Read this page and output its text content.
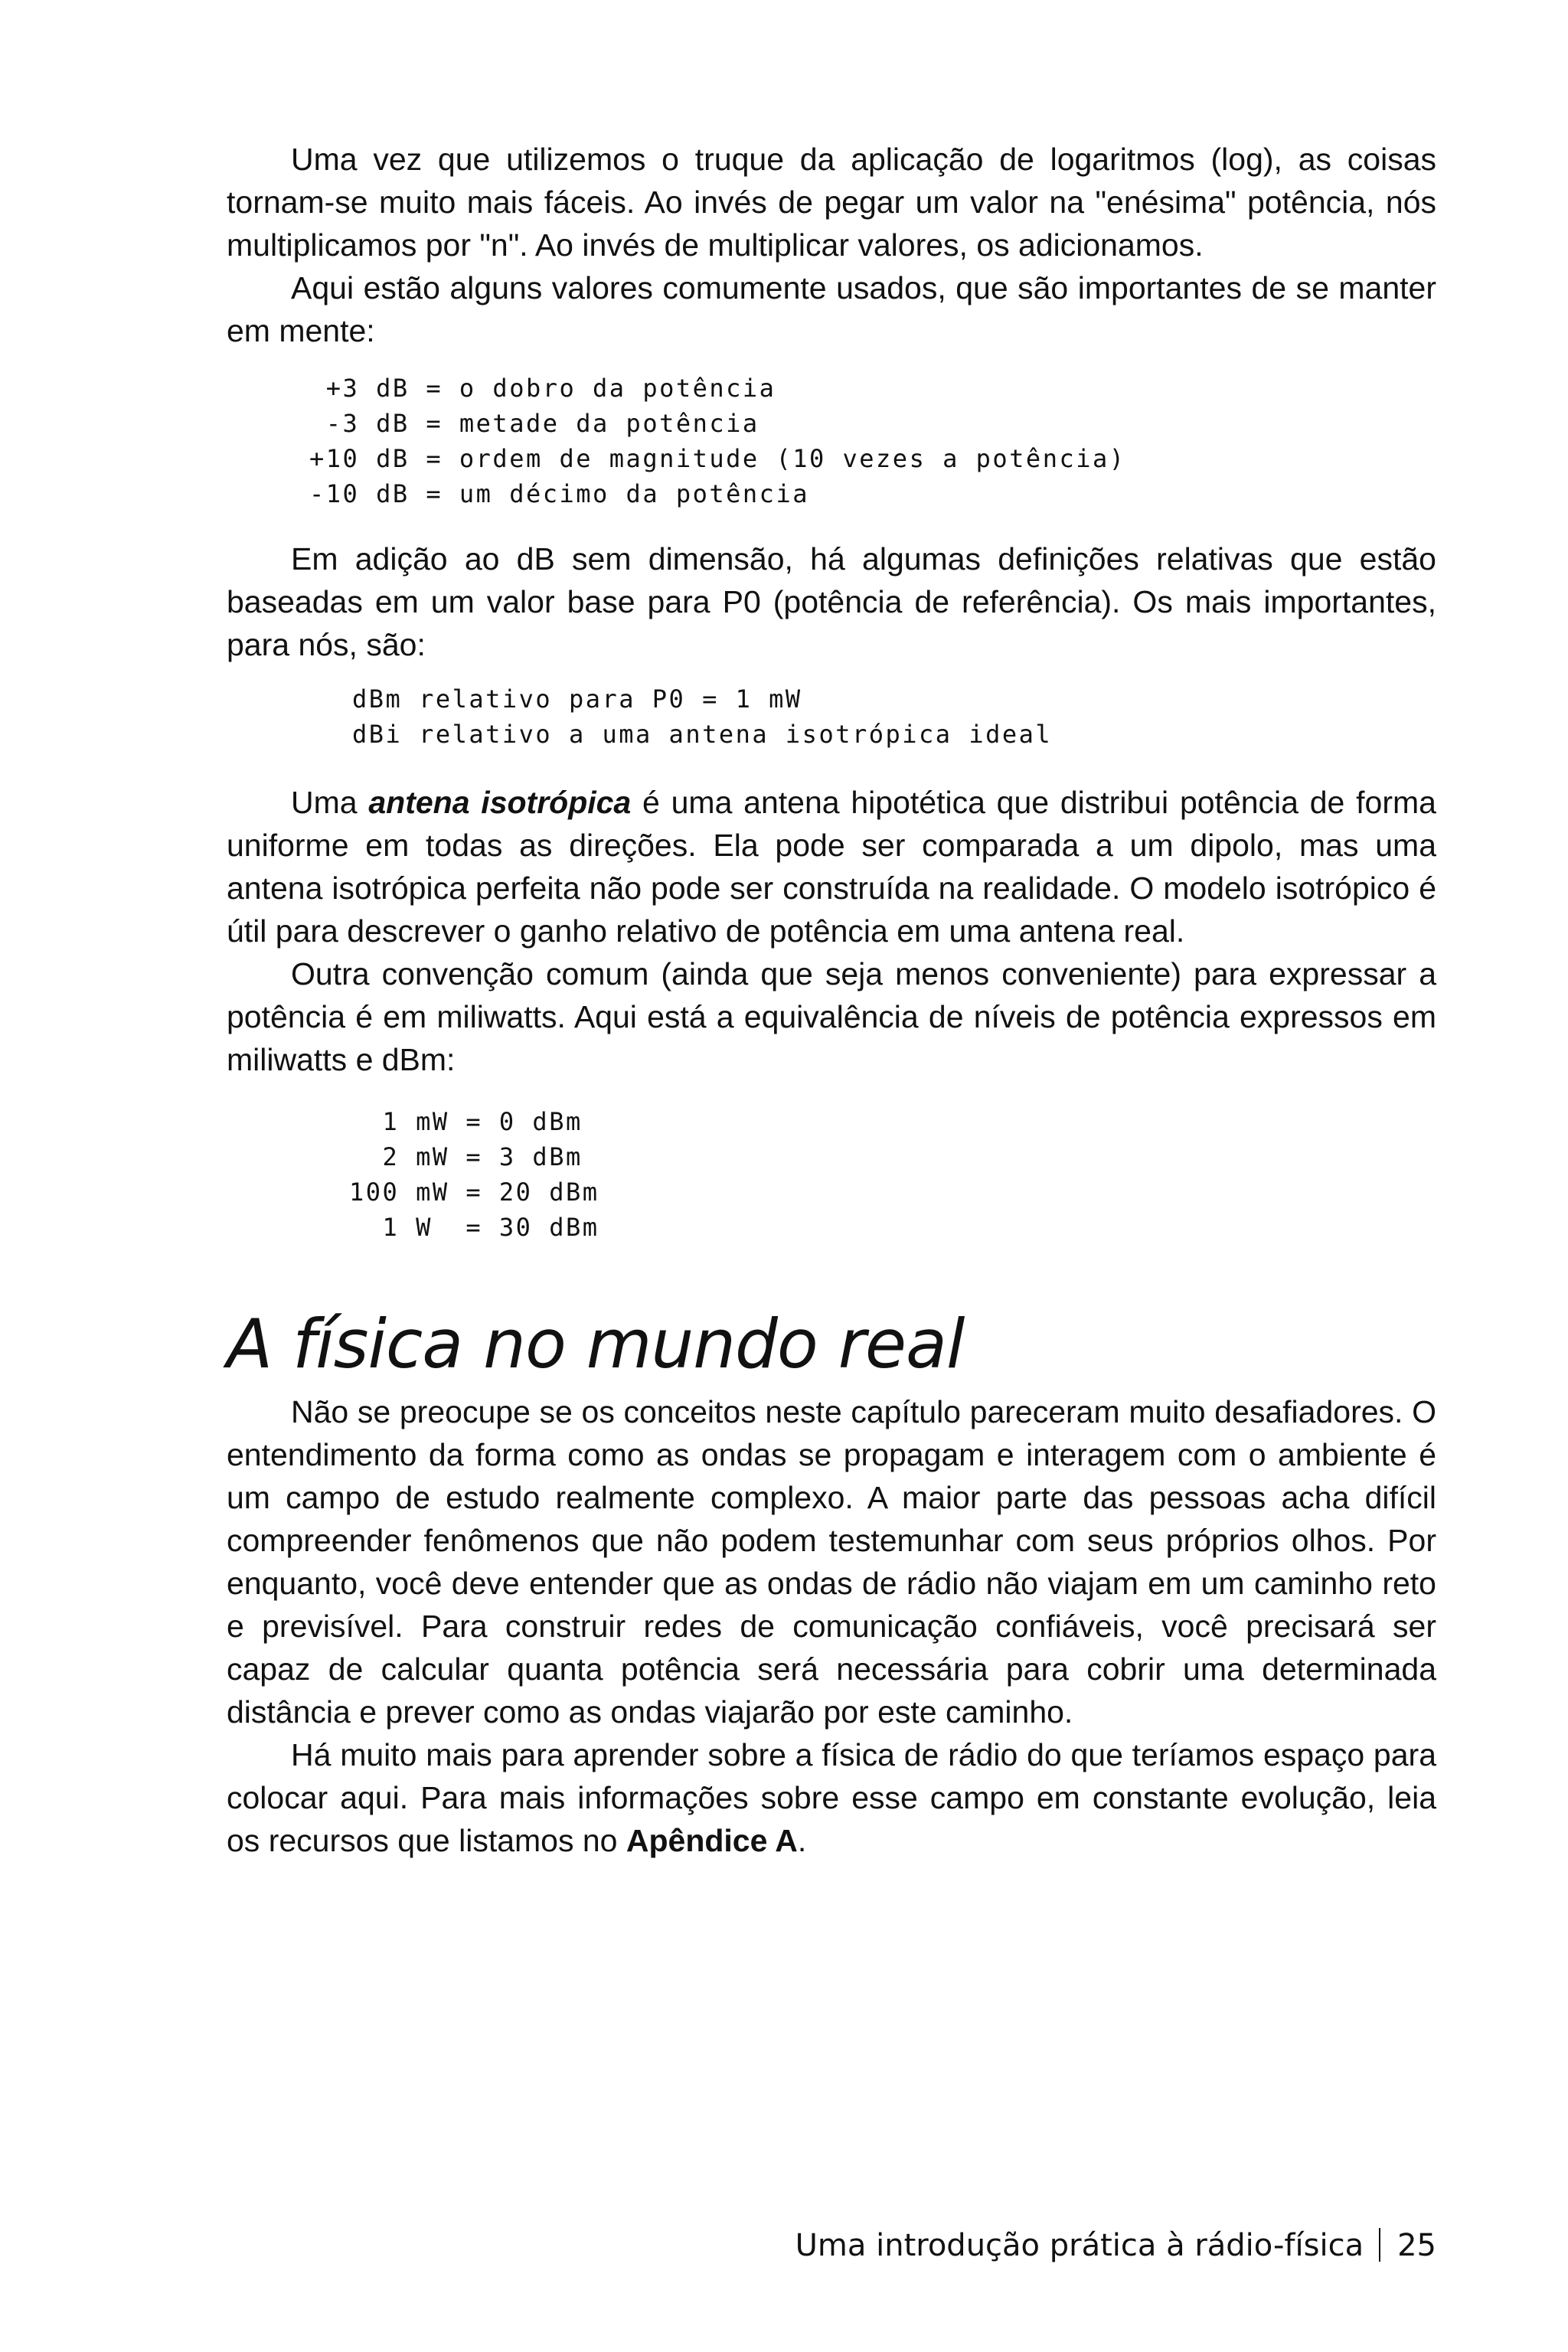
Uma vez que utilizemos o truque da aplicação de logaritmos (log), as coisas tornam-se muito mais fáceis. Ao invés de pegar um valor na "enésima" potência, nós multiplicamos por "n". Ao invés de multiplicar valores, os adicionamos.

Aqui estão alguns valores comumente usados, que são importantes de se manter em mente:

+3 dB = o dobro da potência
-3 dB = metade da potência
+10 dB = ordem de magnitude (10 vezes a potência)
-10 dB = um décimo da potência

Em adição ao dB sem dimensão, há algumas definições relativas que estão baseadas em um valor base para P0 (potência de referência). Os mais importantes, para nós, são:

dBm relativo para P0 = 1 mW
dBi relativo a uma antena isotrópica ideal

Uma antena isotrópica é uma antena hipotética que distribui potência de forma uniforme em todas as direções. Ela pode ser comparada a um dipolo, mas uma antena isotrópica perfeita não pode ser construída na realidade. O modelo isotrópico é útil para descrever o ganho relativo de potência em uma antena real.

Outra convenção comum (ainda que seja menos conveniente) para expressar a potência é em miliwatts. Aqui está a equivalência de níveis de potência expressos em miliwatts e dBm:

1 mW = 0 dBm
2 mW = 3 dBm
100 mW = 20 dBm
1 W  = 30 dBm
A física no mundo real

Não se preocupe se os conceitos neste capítulo pareceram muito desafiadores. O entendimento da forma como as ondas se propagam e interagem com o ambiente é um campo de estudo realmente complexo. A maior parte das pessoas acha difícil compreender fenômenos que não podem testemunhar com seus próprios olhos. Por enquanto, você deve entender que as ondas de rádio não viajam em um caminho reto e previsível. Para construir redes de comunicação confiáveis, você precisará ser capaz de calcular quanta potência será necessária para cobrir uma determinada distância e prever como as ondas viajarão por este caminho.

Há muito mais para aprender sobre a física de rádio do que teríamos espaço para colocar aqui. Para mais informações sobre esse campo em constante evolução, leia os recursos que listamos no Apêndice A.

Uma introdução prática à rádio-física 25
